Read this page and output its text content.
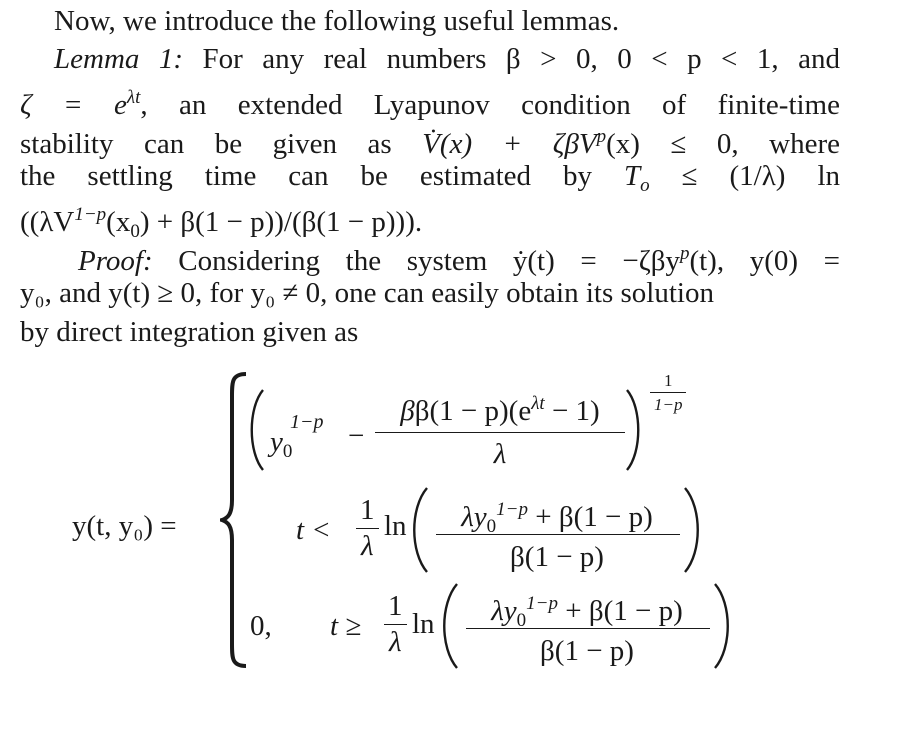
Now, we introduce the following useful lemmas.
Lemma 1: For any real numbers β > 0, 0 < p < 1, and
$\zeta = e^{\lambda t}$, an extended Lyapunov condition of finite-time
stability can be given as V̇(x) + ζβV$^p$(x) ≤ 0, where
the settling time can be estimated by $T_o \le (1/\lambda)$ ln
$((\lambda V^{1-p}(x_0) + \beta(1 - p))/(\beta(1 - p)))$.
Proof: Considering the system ẏ(t) = −ζβy$^p$(t), y(0) =
y₀, and y(t) ≥ 0, for y₀ ≠ 0, one can easily obtain its solution
by direct integration given as
y(t, y₀) =
$y_0$
1−p −
$\beta\beta(1 - p)(e^{\lambda t} - 1)$
λ
$\frac{1}{1-p}$
$t < \frac{1}{\lambda}$ ln	$\lambda y_0^{1-p} + \beta(1 - p)$
β(1 − p)
0, $t \ge \frac{1}{\lambda}$ ln	$\lambda y_0^{1-p} + \beta(1 - p)$
β(1 − p)
